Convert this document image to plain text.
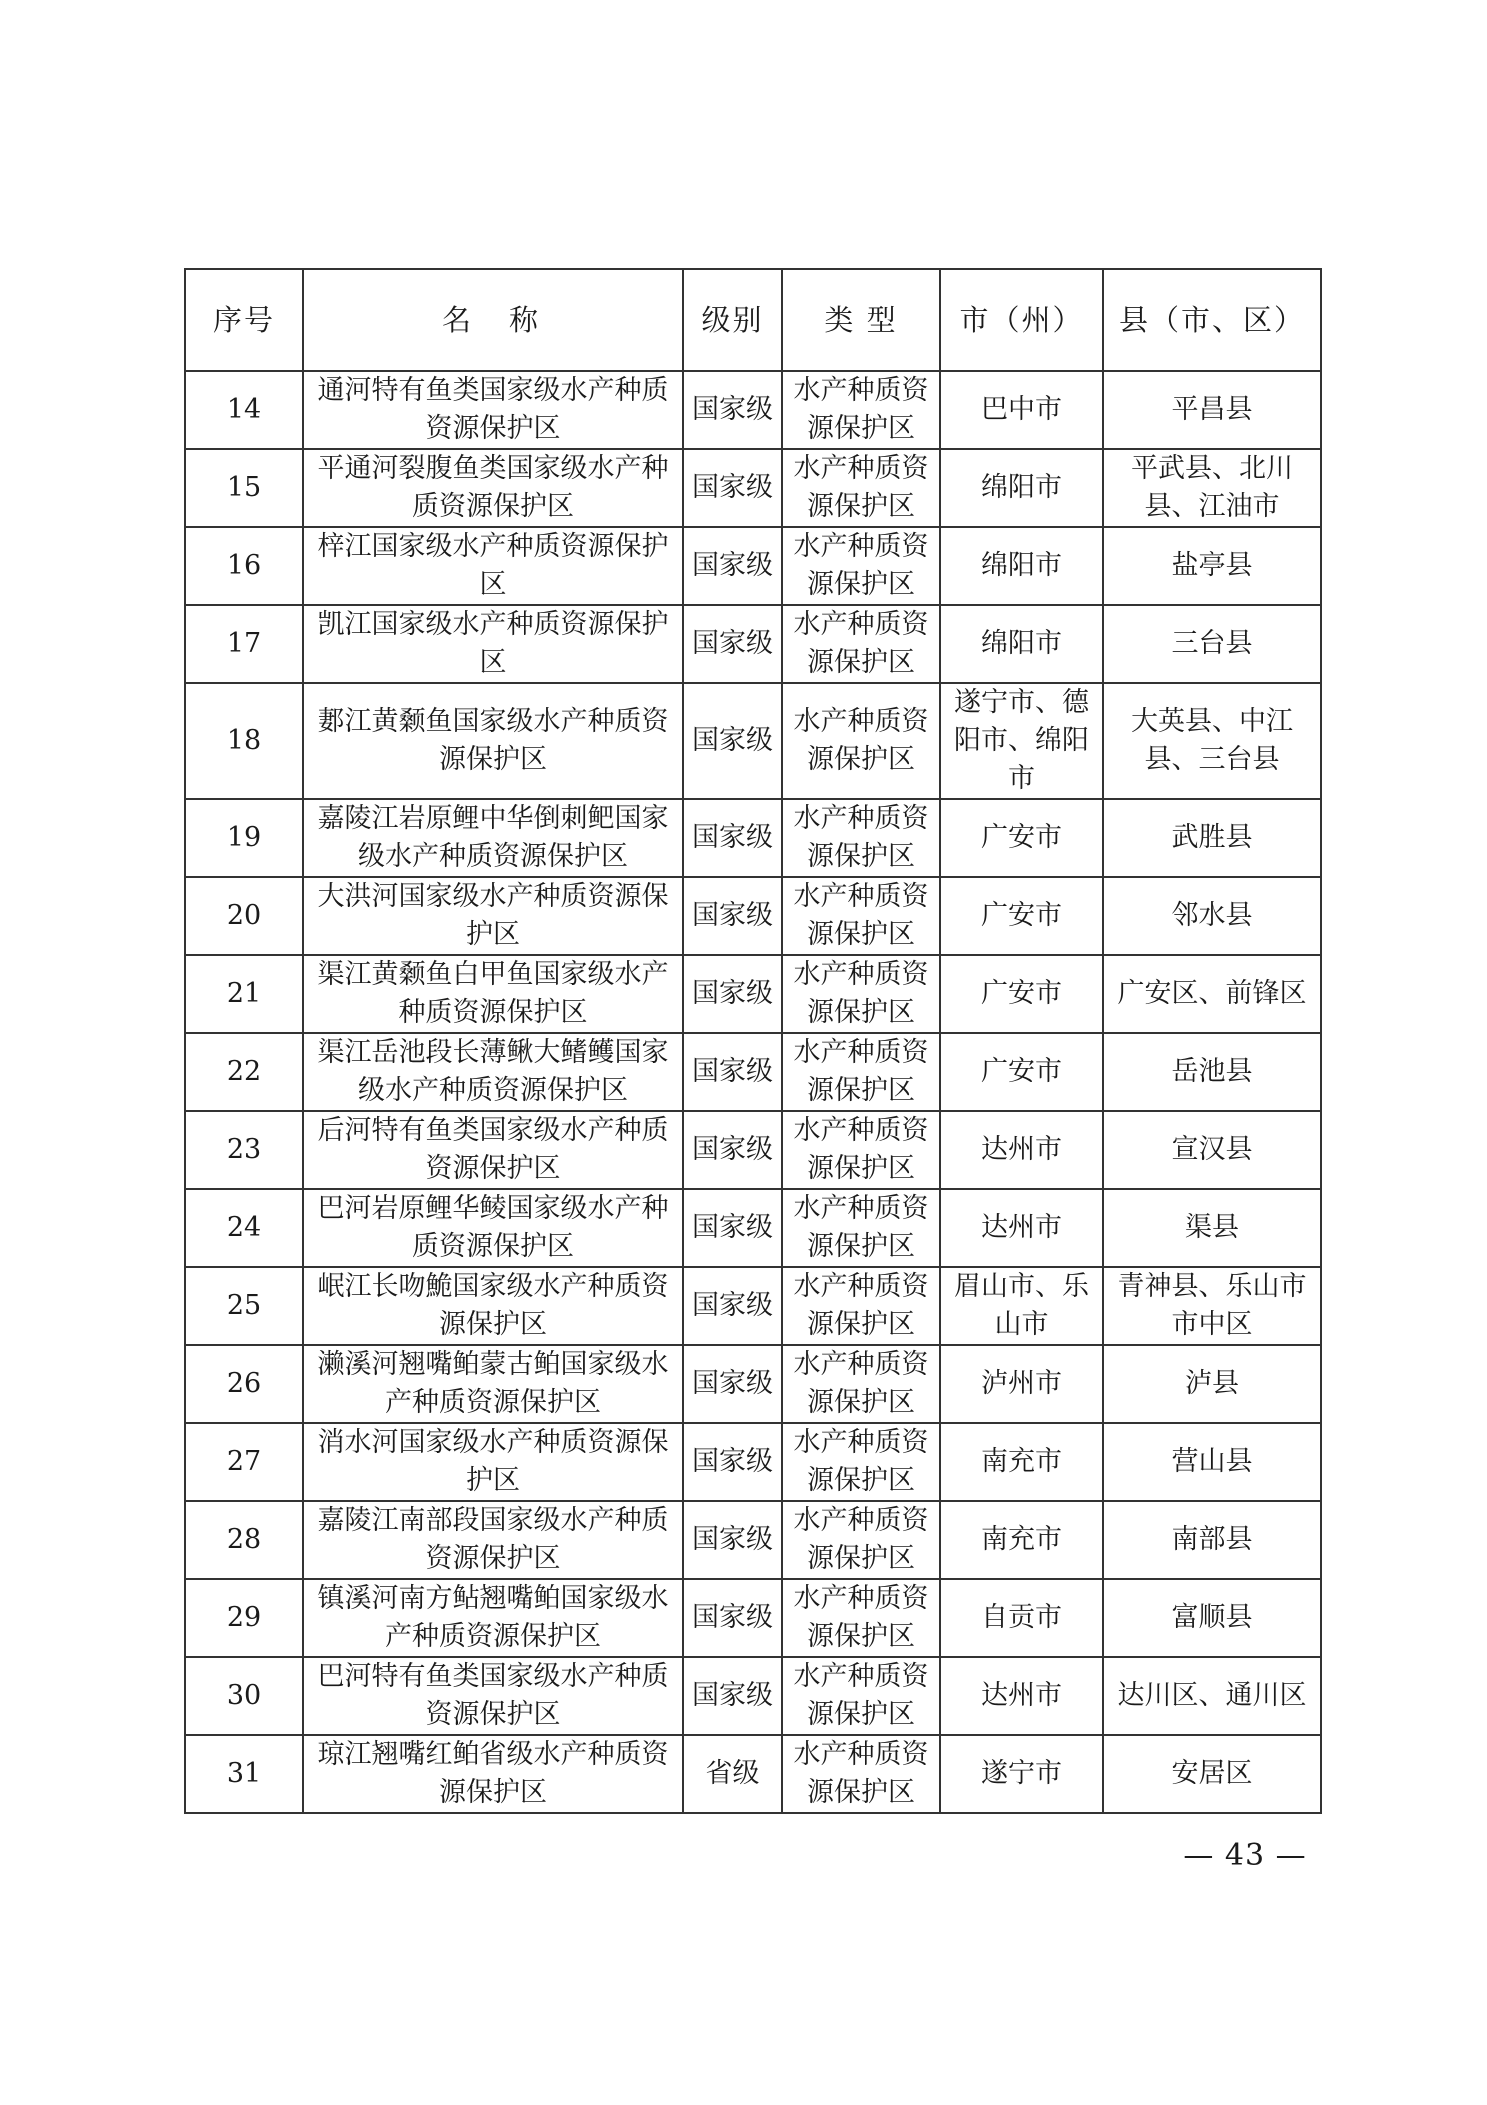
序号	名称	级别	类 型	市（州）	县（市、区）
14	通河特有鱼类国家级水产种质资源保护区	国家级	水产种质资源保护区	巴中市	平昌县
15	平通河裂腹鱼类国家级水产种质资源保护区	国家级	水产种质资源保护区	绵阳市	平武县、北川县、江油市
16	梓江国家级水产种质资源保护区	国家级	水产种质资源保护区	绵阳市	盐亭县
17	凯江国家级水产种质资源保护区	国家级	水产种质资源保护区	绵阳市	三台县
18	郪江黄颡鱼国家级水产种质资源保护区	国家级	水产种质资源保护区	遂宁市、德阳市、绵阳市	大英县、中江县、三台县
19	嘉陵江岩原鲤中华倒刺鲃国家级水产种质资源保护区	国家级	水产种质资源保护区	广安市	武胜县
20	大洪河国家级水产种质资源保护区	国家级	水产种质资源保护区	广安市	邻水县
21	渠江黄颡鱼白甲鱼国家级水产种质资源保护区	国家级	水产种质资源保护区	广安市	广安区、前锋区
22	渠江岳池段长薄鳅大鳍鳠国家级水产种质资源保护区	国家级	水产种质资源保护区	广安市	岳池县
23	后河特有鱼类国家级水产种质资源保护区	国家级	水产种质资源保护区	达州市	宣汉县
24	巴河岩原鲤华鲮国家级水产种质资源保护区	国家级	水产种质资源保护区	达州市	渠县
25	岷江长吻鮠国家级水产种质资源保护区	国家级	水产种质资源保护区	眉山市、乐山市	青神县、乐山市市中区
26	濑溪河翘嘴鲌蒙古鲌国家级水产种质资源保护区	国家级	水产种质资源保护区	泸州市	泸县
27	消水河国家级水产种质资源保护区	国家级	水产种质资源保护区	南充市	营山县
28	嘉陵江南部段国家级水产种质资源保护区	国家级	水产种质资源保护区	南充市	南部县
29	镇溪河南方鲇翘嘴鲌国家级水产种质资源保护区	国家级	水产种质资源保护区	自贡市	富顺县
30	巴河特有鱼类国家级水产种质资源保护区	国家级	水产种质资源保护区	达州市	达川区、通川区
31	琼江翘嘴红鲌省级水产种质资源保护区	省级	水产种质资源保护区	遂宁市	安居区
— 43 —
